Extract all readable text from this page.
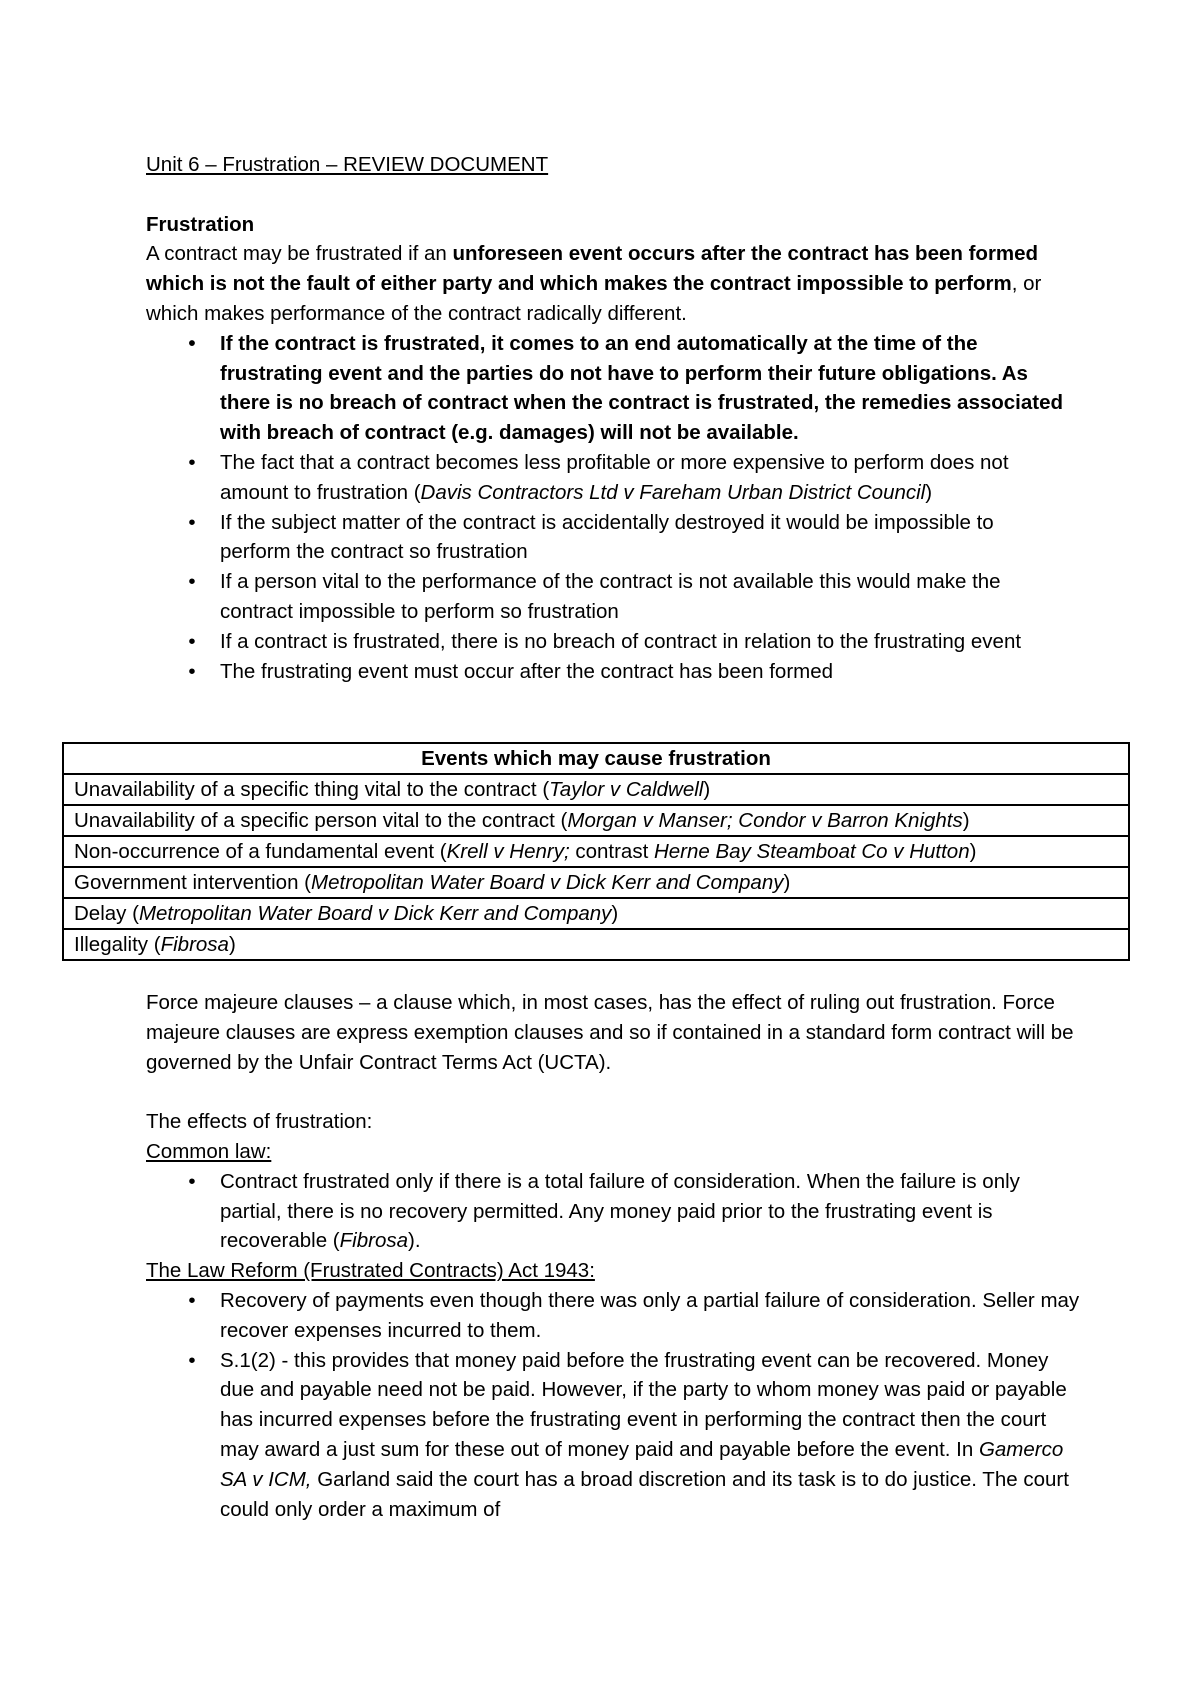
Unit 6 – Frustration – REVIEW DOCUMENT

Frustration

A contract may be frustrated if an unforeseen event occurs after the contract has been formed which is not the fault of either party and which makes the contract impossible to perform, or which makes performance of the contract radically different.

• If the contract is frustrated, it comes to an end automatically at the time of the frustrating event and the parties do not have to perform their future obligations. As there is no breach of contract when the contract is frustrated, the remedies associated with breach of contract (e.g. damages) will not be available.
• The fact that a contract becomes less profitable or more expensive to perform does not amount to frustration (Davis Contractors Ltd v Fareham Urban District Council)
• If the subject matter of the contract is accidentally destroyed it would be impossible to perform the contract so frustration
• If a person vital to the performance of the contract is not available this would make the contract impossible to perform so frustration
• If a contract is frustrated, there is no breach of contract in relation to the frustrating event
• The frustrating event must occur after the contract has been formed
Events which may cause frustration
Unavailability of a specific thing vital to the contract (Taylor v Caldwell)
Unavailability of a specific person vital to the contract (Morgan v Manser; Condor v Barron Knights)
Non-occurrence of a fundamental event (Krell v Henry; contrast Herne Bay Steamboat Co v Hutton)
Government intervention (Metropolitan Water Board v Dick Kerr and Company)
Delay (Metropolitan Water Board v Dick Kerr and Company)
Illegality (Fibrosa)

Force majeure clauses – a clause which, in most cases, has the effect of ruling out frustration. Force majeure clauses are express exemption clauses and so if contained in a standard form contract will be governed by the Unfair Contract Terms Act (UCTA).

The effects of frustration:

Common law:

• Contract frustrated only if there is a total failure of consideration. When the failure is only partial, there is no recovery permitted. Any money paid prior to the frustrating event is recoverable (Fibrosa).

The Law Reform (Frustrated Contracts) Act 1943:

• Recovery of payments even though there was only a partial failure of consideration. Seller may recover expenses incurred to them.
• S.1(2) - this provides that money paid before the frustrating event can be recovered. Money due and payable need not be paid. However, if the party to whom money was paid or payable has incurred expenses before the frustrating event in performing the contract then the court may award a just sum for these out of money paid and payable before the event. In Gamerco SA v ICM, Garland said the court has a broad discretion and its task is to do justice. The court could only order a maximum of
